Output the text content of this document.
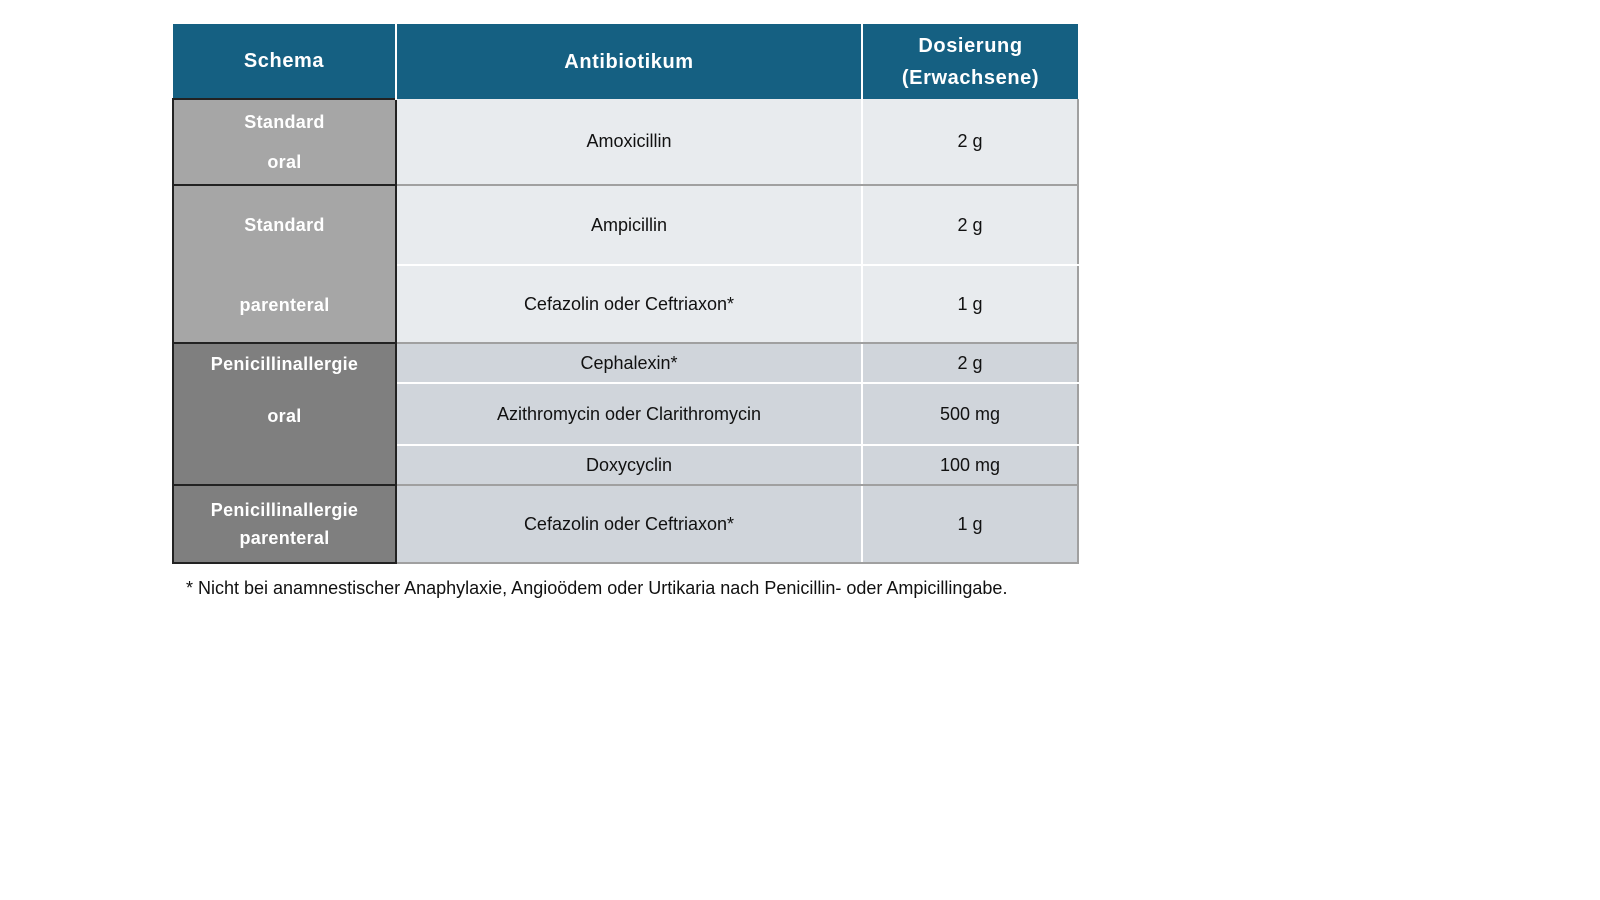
Schema	Antibiotikum	Dosierung
(Erwachsene)

Standard
oral	Amoxicillin	2 g

Standard
parenteral	Ampicillin	2 g
	Cefazolin oder Ceftriaxon*	1 g

Penicillinallergie
oral	Cephalexin*	2 g
	Azithromycin oder Clarithromycin	500 mg
	Doxycyclin	100 mg

Penicillinallergie
parenteral	Cefazolin oder Ceftriaxon*	1 g
* Nicht bei anamnestischer Anaphylaxie, Angioödem oder Urtikaria nach Penicillin- oder Ampicillingabe.
